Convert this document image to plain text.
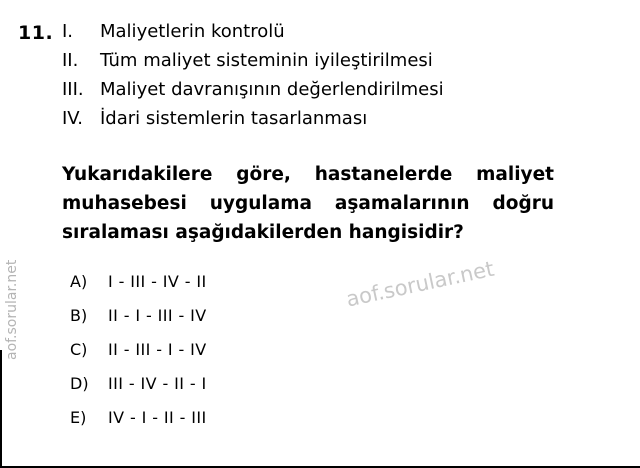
11. I.	Maliyetlerin kontrolü
II.	Tüm maliyet sisteminin iyileştirilmesi
III. Maliyet davranışının değerlendirilmesi
IV. İdari sistemlerin tasarlanması
Yukarıdakilere göre, hastanelerde maliyet muhasebesi uygulama aşamalarının doğru sıralaması aşağıdakilerden hangisidir?
A)	I - III - IV - II
B)	II - I - III - IV
C)	II - III - I - IV
D)	III - IV - II - I
E)	IV - I - II - III
aof.sorular.net
aof.sorular.net
